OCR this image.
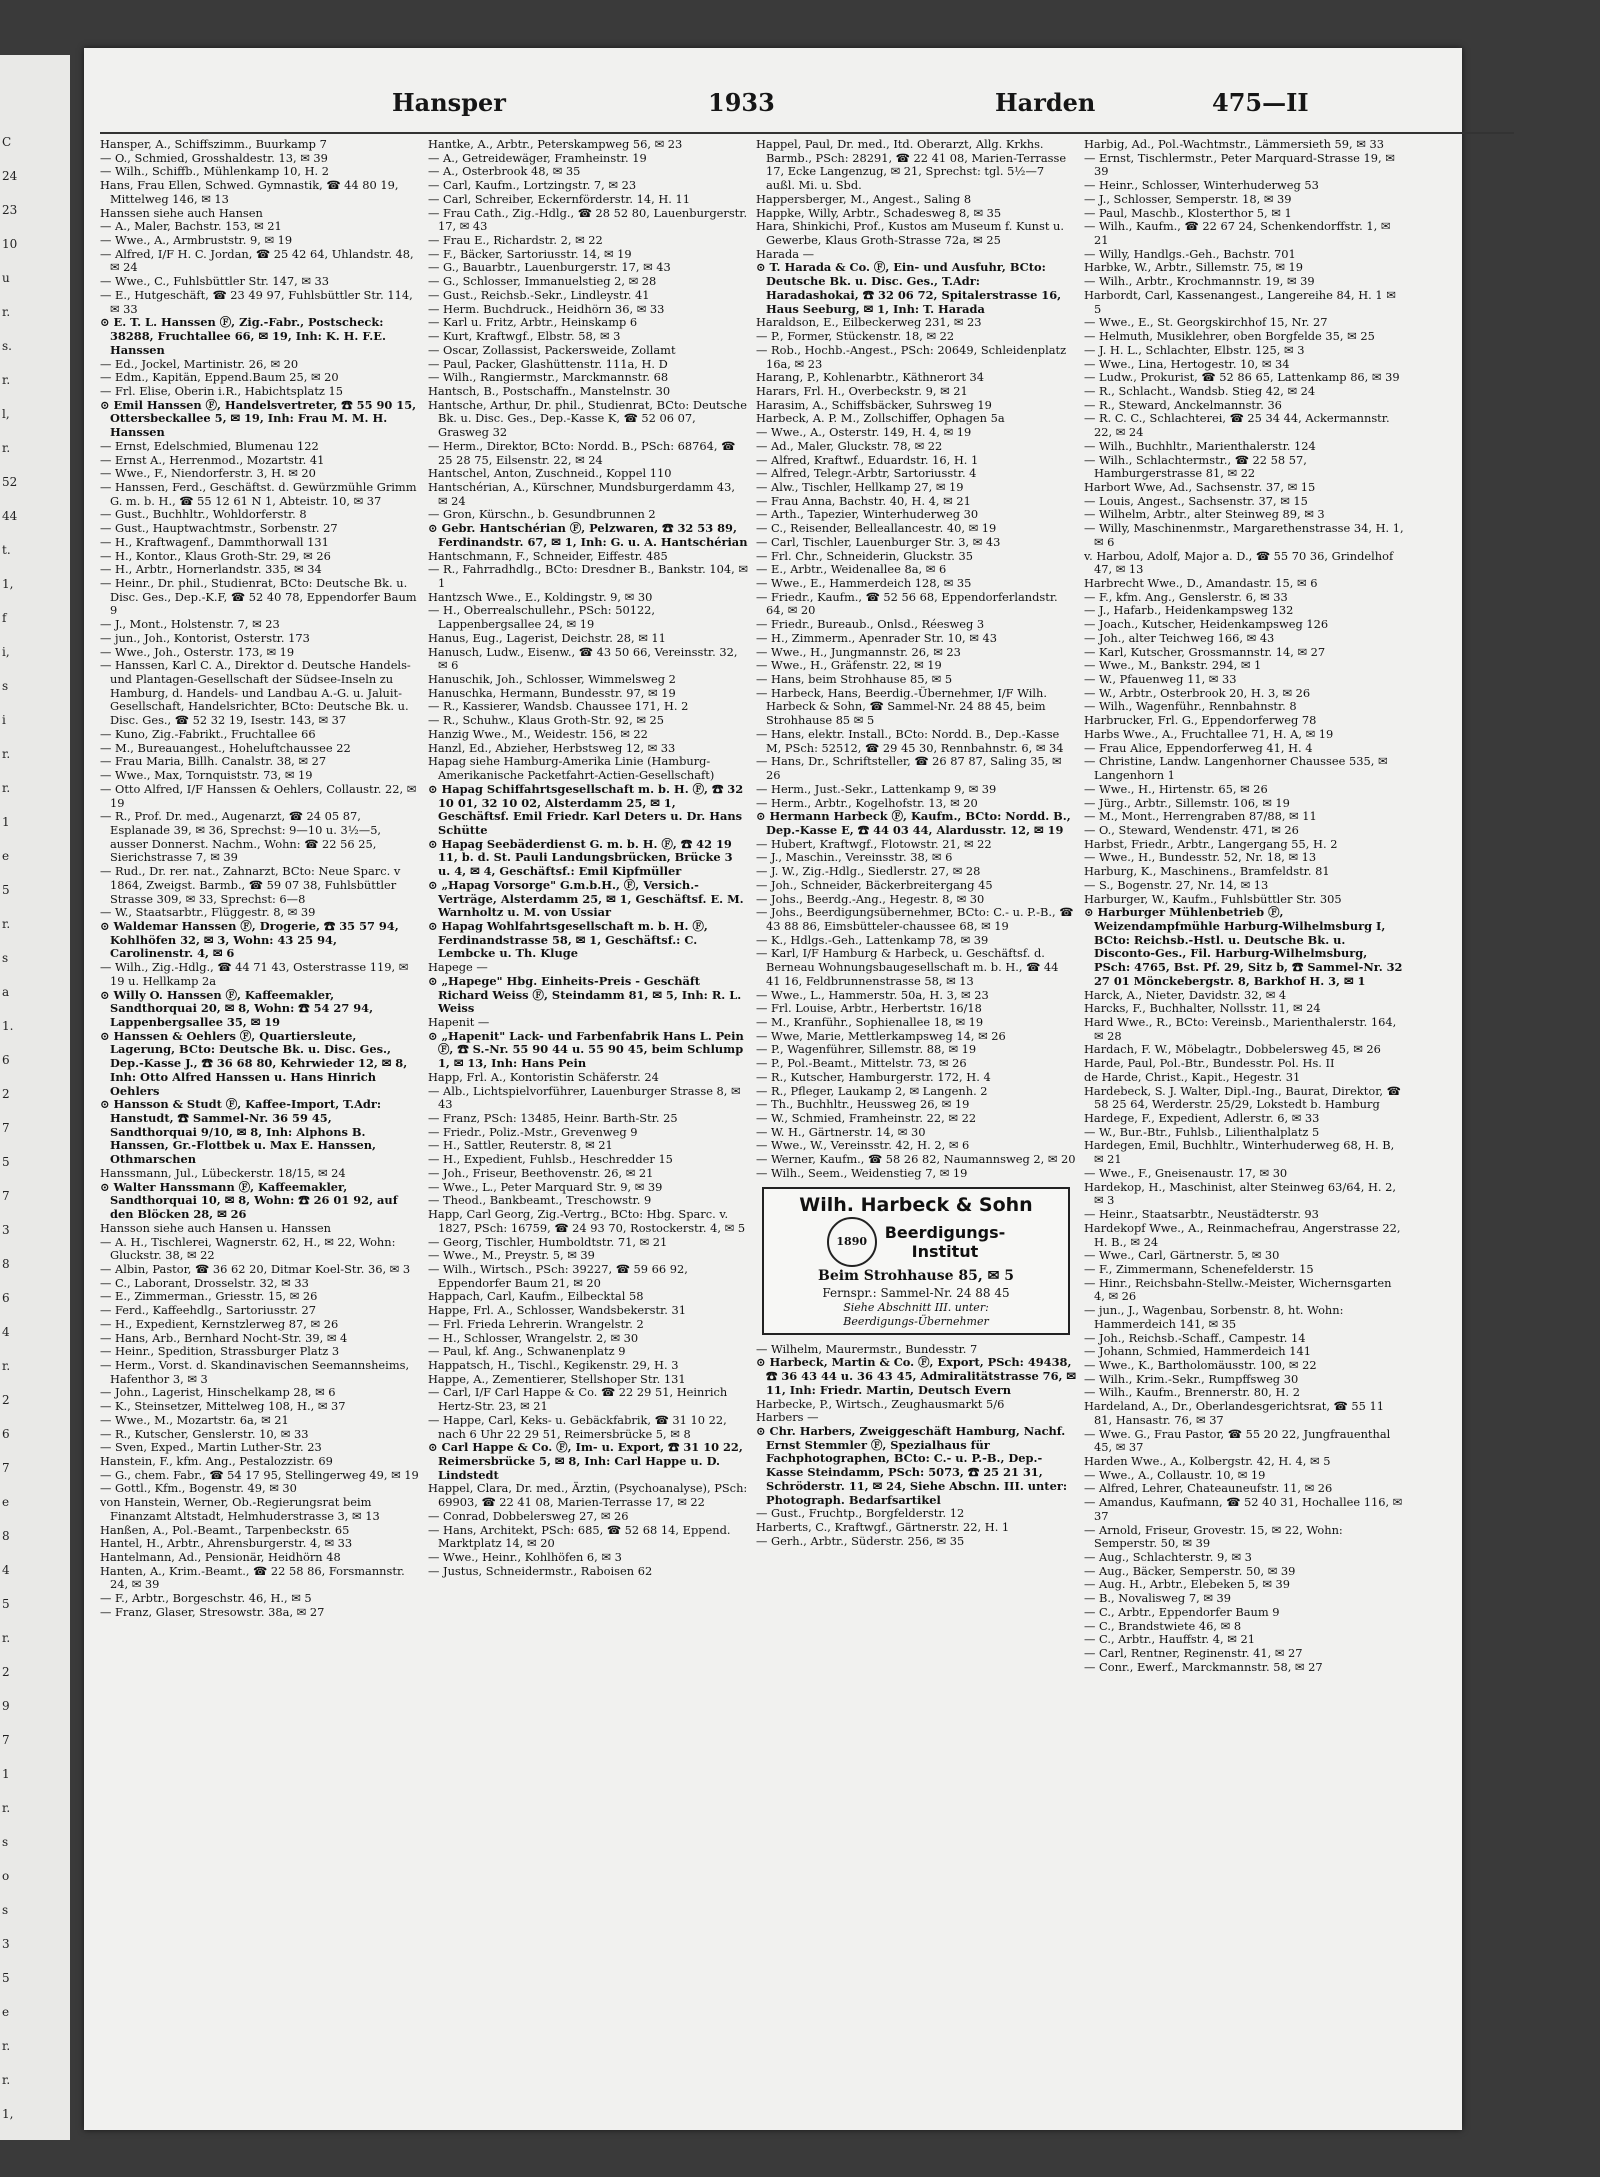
C
24
23
10
u
r.
s.
r.
l,
r.
52
44
t.
1,
f
i,
s
i
r.
r.
1
e
5
r.
s
a
1.
6
2
7
5
7
3
8
6
4
r.
2
6
7
e
8
4
5
r.
2
9
7
1
r.
s
o
s
3
5
e
r.
r.
1,
Hansper	1933	Harden	475—II

Hansper, A., Schiffszimm., Buurkamp 7

— O., Schmied, Grosshaldestr. 13, ✉ 39

— Wilh., Schiffb., Mühlenkamp 10, H. 2

Hans, Frau Ellen, Schwed. Gymnastik, ☎ 44 80 19, Mittelweg 146, ✉ 13

Hanssen siehe auch Hansen

— A., Maler, Bachstr. 153, ✉ 21

— Wwe., A., Armbruststr. 9, ✉ 19

— Alfred, I/F H. C. Jordan, ☎ 25 42 64, Uhlandstr. 48, ✉ 24

— Wwe., C., Fuhlsbüttler Str. 147, ✉ 33

— E., Hutgeschäft, ☎ 23 49 97, Fuhlsbüttler Str. 114, ✉ 33

⊙ E. T. L. Hanssen Ⓕ, Zig.-Fabr., Postscheck: 38288, Fruchtallee 66, ✉ 19, Inh: K. H. F.E. Hanssen

— Ed., Jockel, Martinistr. 26, ✉ 20

— Edm., Kapitän, Eppend.Baum 25, ✉ 20

— Frl. Elise, Oberin i.R., Habichtsplatz 15

⊙ Emil Hanssen Ⓕ, Handelsvertreter, ☎ 55 90 15, Ottersbeckallee 5, ✉ 19, Inh: Frau M. M. H. Hanssen

— Ernst, Edelschmied, Blumenau 122

— Ernst A., Herrenmod., Mozartstr. 41

— Wwe., F., Niendorferstr. 3, H. ✉ 20

— Hanssen, Ferd., Geschäftst. d. Gewürzmühle Grimm G. m. b. H., ☎ 55 12 61 N 1, Abteistr. 10, ✉ 37

— Gust., Buchhltr., Wohldorferstr. 8

— Gust., Hauptwachtmstr., Sorbenstr. 27

— H., Kraftwagenf., Dammthorwall 131

— H., Kontor., Klaus Groth-Str. 29, ✉ 26

— H., Arbtr., Hornerlandstr. 335, ✉ 34

— Heinr., Dr. phil., Studienrat, BCto: Deutsche Bk. u. Disc. Ges., Dep.-K.F, ☎ 52 40 78, Eppendorfer Baum 9

— J., Mont., Holstenstr. 7, ✉ 23

— jun., Joh., Kontorist, Osterstr. 173

— Wwe., Joh., Osterstr. 173, ✉ 19

— Hanssen, Karl C. A., Direktor d. Deutsche Handels- und Plantagen-Gesellschaft der Südsee-Inseln zu Hamburg, d. Handels- und Landbau A.-G. u. Jaluit-Gesellschaft, Handelsrichter, BCto: Deutsche Bk. u. Disc. Ges., ☎ 52 32 19, Isestr. 143, ✉ 37

— Kuno, Zig.-Fabrikt., Fruchtallee 66

— M., Bureauangest., Hoheluftchaussee 22

— Frau Maria, Billh. Canalstr. 38, ✉ 27

— Wwe., Max, Tornquiststr. 73, ✉ 19

— Otto Alfred, I/F Hanssen & Oehlers, Collaustr. 22, ✉ 19

— R., Prof. Dr. med., Augenarzt, ☎ 24 05 87, Esplanade 39, ✉ 36, Sprechst: 9—10 u. 3½—5, ausser Donnerst. Nachm., Wohn: ☎ 22 56 25, Sierichstrasse 7, ✉ 39

— Rud., Dr. rer. nat., Zahnarzt, BCto: Neue Sparc. v 1864, Zweigst. Barmb., ☎ 59 07 38, Fuhlsbüttler Strasse 309, ✉ 33, Sprechst: 6—8

— W., Staatsarbtr., Flüggestr. 8, ✉ 39

⊙ Waldemar Hanssen Ⓕ, Drogerie, ☎ 35 57 94, Kohlhöfen 32, ✉ 3, Wohn: 43 25 94, Carolinenstr. 4, ✉ 6

— Wilh., Zig.-Hdlg., ☎ 44 71 43, Osterstrasse 119, ✉ 19 u. Hellkamp 2a

⊙ Willy O. Hanssen Ⓕ, Kaffeemakler, Sandthorquai 20, ✉ 8, Wohn: ☎ 54 27 94, Lappenbergsallee 35, ✉ 19

⊙ Hanssen & Oehlers Ⓕ, Quartiersleute, Lagerung, BCto: Deutsche Bk. u. Disc. Ges., Dep.-Kasse J., ☎ 36 68 80, Kehrwieder 12, ✉ 8, Inh: Otto Alfred Hanssen u. Hans Hinrich Oehlers

⊙ Hansson & Studt Ⓕ, Kaffee-Import, T.Adr: Hanstudt, ☎ Sammel-Nr. 36 59 45, Sandthorquai 9/10, ✉ 8, Inh: Alphons B. Hanssen, Gr.-Flottbek u. Max E. Hanssen, Othmarschen

Hanssmann, Jul., Lübeckerstr. 18/15, ✉ 24

⊙ Walter Hanssmann Ⓕ, Kaffeemakler, Sandthorquai 10, ✉ 8, Wohn: ☎ 26 01 92, auf den Blöcken 28, ✉ 26

Hansson siehe auch Hansen u. Hanssen

— A. H., Tischlerei, Wagnerstr. 62, H., ✉ 22, Wohn: Gluckstr. 38, ✉ 22

— Albin, Pastor, ☎ 36 62 20, Ditmar Koel-Str. 36, ✉ 3

— C., Laborant, Drosselstr. 32, ✉ 33

— E., Zimmerman., Griesstr. 15, ✉ 26

— Ferd., Kaffeehdlg., Sartoriusstr. 27

— H., Expedient, Kernstzlerweg 87, ✉ 26

— Hans, Arb., Bernhard Nocht-Str. 39, ✉ 4

— Heinr., Spedition, Strassburger Platz 3

— Herm., Vorst. d. Skandinavischen Seemannsheims, Hafenthor 3, ✉ 3

— John., Lagerist, Hinschelkamp 28, ✉ 6

— K., Steinsetzer, Mittelweg 108, H., ✉ 37

— Wwe., M., Mozartstr. 6a, ✉ 21

— R., Kutscher, Genslerstr. 10, ✉ 33

— Sven, Exped., Martin Luther-Str. 23

Hanstein, F., kfm. Ang., Pestalozzistr. 69

— G., chem. Fabr., ☎ 54 17 95, Stellingerweg 49, ✉ 19

— Gottl., Kfm., Bogenstr. 49, ✉ 30

von Hanstein, Werner, Ob.-Regierungsrat beim Finanzamt Altstadt, Helmhuderstrasse 3, ✉ 13

Hanßen, A., Pol.-Beamt., Tarpenbeckstr. 65

Hantel, H., Arbtr., Ahrensburgerstr. 4, ✉ 33

Hantelmann, Ad., Pensionär, Heidhörn 48

Hanten, A., Krim.-Beamt., ☎ 22 58 86, Forsmannstr. 24, ✉ 39

— F., Arbtr., Borgeschstr. 46, H., ✉ 5

— Franz, Glaser, Stresowstr. 38a, ✉ 27

Hantke, A., Arbtr., Peterskampweg 56, ✉ 23

— A., Getreidewäger, Framheinstr. 19

— A., Osterbrook 48, ✉ 35

— Carl, Kaufm., Lortzingstr. 7, ✉ 23

— Carl, Schreiber, Eckernförderstr. 14, H. 11

— Frau Cath., Zig.-Hdlg., ☎ 28 52 80, Lauenburgerstr. 17, ✉ 43

— Frau E., Richardstr. 2, ✉ 22

— F., Bäcker, Sartoriusstr. 14, ✉ 19

— G., Bauarbtr., Lauenburgerstr. 17, ✉ 43

— G., Schlosser, Immanuelstieg 2, ✉ 28

— Gust., Reichsb.-Sekr., Lindleystr. 41

— Herm. Buchdruck., Heidhörn 36, ✉ 33

— Karl u. Fritz, Arbtr., Heinskamp 6

— Kurt, Kraftwgf., Elbstr. 58, ✉ 3

— Oscar, Zollassist, Packersweide, Zollamt

— Paul, Packer, Glashüttenstr. 111a, H. D

— Wilh., Rangiermstr., Marckmannstr. 68

Hantsch, B., Postschaffn., Manstelnstr. 30

Hantsche, Arthur, Dr. phil., Studienrat, BCto: Deutsche Bk. u. Disc. Ges., Dep.-Kasse K, ☎ 52 06 07, Grasweg 32

— Herm., Direktor, BCto: Nordd. B., PSch: 68764, ☎ 25 28 75, Eilsenstr. 22, ✉ 24

Hantschel, Anton, Zuschneid., Koppel 110

Hantschérian, A., Kürschner, Mundsburgerdamm 43, ✉ 24

— Gron, Kürschn., b. Gesundbrunnen 2

⊙ Gebr. Hantschérian Ⓕ, Pelzwaren, ☎ 32 53 89, Ferdinandstr. 67, ✉ 1, Inh: G. u. A. Hantschérian

Hantschmann, F., Schneider, Eiffestr. 485

— R., Fahrradhdlg., BCto: Dresdner B., Bankstr. 104, ✉ 1

Hantzsch Wwe., E., Koldingstr. 9, ✉ 30

— H., Oberrealschullehr., PSch: 50122, Lappenbergsallee 24, ✉ 19

Hanus, Eug., Lagerist, Deichstr. 28, ✉ 11

Hanusch, Ludw., Eisenw., ☎ 43 50 66, Vereinsstr. 32, ✉ 6

Hanuschik, Joh., Schlosser, Wimmelsweg 2

Hanuschka, Hermann, Bundesstr. 97, ✉ 19

— R., Kassierer, Wandsb. Chaussee 171, H. 2

— R., Schuhw., Klaus Groth-Str. 92, ✉ 25

Hanzig Wwe., M., Weidestr. 156, ✉ 22

Hanzl, Ed., Abzieher, Herbstsweg 12, ✉ 33

Hapag siehe Hamburg-Amerika Linie (Hamburg-Amerikanische Packetfahrt-Actien-Gesellschaft)

⊙ Hapag Schiffahrtsgesellschaft m. b. H. Ⓕ, ☎ 32 10 01, 32 10 02, Alsterdamm 25, ✉ 1, Geschäftsf. Emil Friedr. Karl Deters u. Dr. Hans Schütte

⊙ Hapag Seebäderdienst G. m. b. H. Ⓕ, ☎ 42 19 11, b. d. St. Pauli Landungsbrücken, Brücke 3 u. 4, ✉ 4, Geschäftsf.: Emil Kipfmüller

⊙ „Hapag Vorsorge" G.m.b.H., Ⓕ, Versich.-Verträge, Alsterdamm 25, ✉ 1, Geschäftsf. E. M. Warnholtz u. M. von Ussiar

⊙ Hapag Wohlfahrtsgesellschaft m. b. H. Ⓕ, Ferdinandstrasse 58, ✉ 1, Geschäftsf.: C. Lembcke u. Th. Kluge

Hapege —

⊙ „Hapege" Hbg. Einheits-Preis - Geschäft Richard Weiss Ⓕ, Steindamm 81, ✉ 5, Inh: R. L. Weiss

Hapenit —

⊙ „Hapenit" Lack- und Farbenfabrik Hans L. Pein Ⓕ, ☎ S.-Nr. 55 90 44 u. 55 90 45, beim Schlump 1, ✉ 13, Inh: Hans Pein

Happ, Frl. A., Kontoristin Schäferstr. 24

— Alb., Lichtspielvorführer, Lauenburger Strasse 8, ✉ 43

— Franz, PSch: 13485, Heinr. Barth-Str. 25

— Friedr., Poliz.-Mstr., Grevenweg 9

— H., Sattler, Reuterstr. 8, ✉ 21

— H., Expedient, Fuhlsb., Heschredder 15

— Joh., Friseur, Beethovenstr. 26, ✉ 21

— Wwe., L., Peter Marquard Str. 9, ✉ 39

— Theod., Bankbeamt., Treschowstr. 9

Happ, Carl Georg, Zig.-Vertrg., BCto: Hbg. Sparc. v. 1827, PSch: 16759, ☎ 24 93 70, Rostockerstr. 4, ✉ 5

— Georg, Tischler, Humboldtstr. 71, ✉ 21

— Wwe., M., Preystr. 5, ✉ 39

— Wilh., Wirtsch., PSch: 39227, ☎ 59 66 92, Eppendorfer Baum 21, ✉ 20

Happach, Carl, Kaufm., Eilbecktal 58

Happe, Frl. A., Schlosser, Wandsbekerstr. 31

— Frl. Frieda Lehrerin. Wrangelstr. 2

— H., Schlosser, Wrangelstr. 2, ✉ 30

— Paul, kf. Ang., Schwanenplatz 9

Happatsch, H., Tischl., Kegikenstr. 29, H. 3

Happe, A., Zementierer, Stellshoper Str. 131

— Carl, I/F Carl Happe & Co. ☎ 22 29 51, Heinrich Hertz-Str. 23, ✉ 21

— Happe, Carl, Keks- u. Gebäckfabrik, ☎ 31 10 22, nach 6 Uhr 22 29 51, Reimersbrücke 5, ✉ 8

⊙ Carl Happe & Co. Ⓕ, Im- u. Export, ☎ 31 10 22, Reimersbrücke 5, ✉ 8, Inh: Carl Happe u. D. Lindstedt

Happel, Clara, Dr. med., Ärztin, (Psychoanalyse), PSch: 69903, ☎ 22 41 08, Marien-Terrasse 17, ✉ 22

— Conrad, Dobbelersweg 27, ✉ 26

— Hans, Architekt, PSch: 685, ☎ 52 68 14, Eppend. Marktplatz 14, ✉ 20

— Wwe., Heinr., Kohlhöfen 6, ✉ 3

— Justus, Schneidermstr., Raboisen 62

Happel, Paul, Dr. med., Itd. Oberarzt, Allg. Krkhs. Barmb., PSch: 28291, ☎ 22 41 08, Marien-Terrasse 17, Ecke Langenzug, ✉ 21, Sprechst: tgl. 5½—7 außl. Mi. u. Sbd.

Happersberger, M., Angest., Saling 8

Happke, Willy, Arbtr., Schadesweg 8, ✉ 35

Hara, Shinkichi, Prof., Kustos am Museum f. Kunst u. Gewerbe, Klaus Groth-Strasse 72a, ✉ 25

Harada —

⊙ T. Harada & Co. Ⓕ, Ein- und Ausfuhr, BCto: Deutsche Bk. u. Disc. Ges., T.Adr: Haradashokai, ☎ 32 06 72, Spitalerstrasse 16, Haus Seeburg, ✉ 1, Inh: T. Harada

Haraldson, E., Eilbeckerweg 231, ✉ 23

— P., Former, Stückenstr. 18, ✉ 22

— Rob., Hochb.-Angest., PSch: 20649, Schleidenplatz 16a, ✉ 23

Harang, P., Kohlenarbtr., Käthnerort 34

Harars, Frl. H., Overbeckstr. 9, ✉ 21

Harasim, A., Schiffsbäcker, Suhrsweg 19

Harbeck, A. P. M., Zollschiffer, Ophagen 5a

— Wwe., A., Osterstr. 149, H. 4, ✉ 19

— Ad., Maler, Gluckstr. 78, ✉ 22

— Alfred, Kraftwf., Eduardstr. 16, H. 1

— Alfred, Telegr.-Arbtr, Sartoriusstr. 4

— Alw., Tischler, Hellkamp 27, ✉ 19

— Frau Anna, Bachstr. 40, H. 4, ✉ 21

— Arth., Tapezier, Winterhuderweg 30

— C., Reisender, Belleallancestr. 40, ✉ 19

— Carl, Tischler, Lauenburger Str. 3, ✉ 43

— Frl. Chr., Schneiderin, Gluckstr. 35

— E., Arbtr., Weidenallee 8a, ✉ 6

— Wwe., E., Hammerdeich 128, ✉ 35

— Friedr., Kaufm., ☎ 52 56 68, Eppendorferlandstr. 64, ✉ 20

— Friedr., Bureaub., Onlsd., Réesweg 3

— H., Zimmerm., Apenrader Str. 10, ✉ 43

— Wwe., H., Jungmannstr. 26, ✉ 23

— Wwe., H., Gräfenstr. 22, ✉ 19

— Hans, beim Strohhause 85, ✉ 5

— Harbeck, Hans, Beerdig.-Übernehmer, I/F Wilh. Harbeck & Sohn, ☎ Sammel-Nr. 24 88 45, beim Strohhause 85 ✉ 5

— Hans, elektr. Install., BCto: Nordd. B., Dep.-Kasse M, PSch: 52512, ☎ 29 45 30, Rennbahnstr. 6, ✉ 34

— Hans, Dr., Schriftsteller, ☎ 26 87 87, Saling 35, ✉ 26

— Herm., Just.-Sekr., Lattenkamp 9, ✉ 39

— Herm., Arbtr., Kogelhofstr. 13, ✉ 20

⊙ Hermann Harbeck Ⓕ, Kaufm., BCto: Nordd. B., Dep.-Kasse E, ☎ 44 03 44, Alardusstr. 12, ✉ 19

— Hubert, Kraftwgf., Flotowstr. 21, ✉ 22

— J., Maschin., Vereinsstr. 38, ✉ 6

— J. W., Zig.-Hdlg., Siedlerstr. 27, ✉ 28

— Joh., Schneider, Bäckerbreitergang 45

— Johs., Beerdg.-Ang., Hegestr. 8, ✉ 30

— Johs., Beerdigungsübernehmer, BCto: C.- u. P.-B., ☎ 43 88 86, Eimsbütteler-chaussee 68, ✉ 19

— K., Hdlgs.-Geh., Lattenkamp 78, ✉ 39

— Karl, I/F Hamburg & Harbeck, u. Geschäftsf. d. Berneau Wohnungsbaugesellschaft m. b. H., ☎ 44 41 16, Feldbrunnenstrasse 58, ✉ 13

— Wwe., L., Hammerstr. 50a, H. 3, ✉ 23

— Frl. Louise, Arbtr., Herbertstr. 16/18

— M., Kranführ., Sophienallee 18, ✉ 19

— Wwe, Marie, Mettlerkampsweg 14, ✉ 26

— P., Wagenführer, Sillemstr. 88, ✉ 19

— P., Pol.-Beamt., Mittelstr. 73, ✉ 26

— R., Kutscher, Hamburgerstr. 172, H. 4

— R., Pfleger, Laukamp 2, ✉ Langenh. 2

— Th., Buchhltr., Heussweg 26, ✉ 19

— W., Schmied, Framheinstr. 22, ✉ 22

— W. H., Gärtnerstr. 14, ✉ 30

— Wwe., W., Vereinsstr. 42, H. 2, ✉ 6

— Werner, Kaufm., ☎ 58 26 82, Naumannsweg 2, ✉ 20

— Wilh., Seem., Weidenstieg 7, ✉ 19

Wilh. Harbeck & Sohn
1890	Beerdigungs-
Institut
Beim Strohhause 85, ✉ 5
Fernspr.: Sammel-Nr. 24 88 45
Siehe Abschnitt III. unter:
Beerdigungs-Übernehmer

— Wilhelm, Maurermstr., Bundesstr. 7

⊙ Harbeck, Martin & Co. Ⓕ, Export, PSch: 49438, ☎ 36 43 44 u. 36 43 45, Admiralitätstrasse 76, ✉ 11, Inh: Friedr. Martin, Deutsch Evern

Harbecke, P., Wirtsch., Zeughausmarkt 5/6

Harbers —

⊙ Chr. Harbers, Zweiggeschäft Hamburg, Nachf. Ernst Stemmler Ⓕ, Spezialhaus für Fachphotographen, BCto: C.- u. P.-B., Dep.-Kasse Steindamm, PSch: 5073, ☎ 25 21 31, Schröderstr. 11, ✉ 24, Siehe Abschn. III. unter: Photograph. Bedarfsartikel

— Gust., Fruchtp., Borgfelderstr. 12

Harberts, C., Kraftwgf., Gärtnerstr. 22, H. 1

— Gerh., Arbtr., Süderstr. 256, ✉ 35

Harbig, Ad., Pol.-Wachtmstr., Lämmersieth 59, ✉ 33

— Ernst, Tischlermstr., Peter Marquard-Strasse 19, ✉ 39

— Heinr., Schlosser, Winterhuderweg 53

— J., Schlosser, Semperstr. 18, ✉ 39

— Paul, Maschb., Klosterthor 5, ✉ 1

— Wilh., Kaufm., ☎ 22 67 24, Schenkendorffstr. 1, ✉ 21

— Willy, Handlgs.-Geh., Bachstr. 701

Harbke, W., Arbtr., Sillemstr. 75, ✉ 19

— Wilh., Arbtr., Krochmannstr. 19, ✉ 39

Harbordt, Carl, Kassenangest., Langereihe 84, H. 1 ✉ 5

— Wwe., E., St. Georgskirchhof 15, Nr. 27

— Helmuth, Musiklehrer, oben Borgfelde 35, ✉ 25

— J. H. L., Schlachter, Elbstr. 125, ✉ 3

— Wwe., Lina, Hertogestr. 10, ✉ 34

— Ludw., Prokurist, ☎ 52 86 65, Lattenkamp 86, ✉ 39

— R., Schlacht., Wandsb. Stieg 42, ✉ 24

— R., Steward, Anckelmannstr. 36

— R. C. C., Schlachterei, ☎ 25 34 44, Ackermannstr. 22, ✉ 24

— Wilh., Buchhltr., Marienthalerstr. 124

— Wilh., Schlachtermstr., ☎ 22 58 57, Hamburgerstrasse 81, ✉ 22

Harbort Wwe, Ad., Sachsenstr. 37, ✉ 15

— Louis, Angest., Sachsenstr. 37, ✉ 15

— Wilhelm, Arbtr., alter Steinweg 89, ✉ 3

— Willy, Maschinenmstr., Margarethenstrasse 34, H. 1, ✉ 6

v. Harbou, Adolf, Major a. D., ☎ 55 70 36, Grindelhof 47, ✉ 13

Harbrecht Wwe., D., Amandastr. 15, ✉ 6

— F., kfm. Ang., Genslerstr. 6, ✉ 33

— J., Hafarb., Heidenkampsweg 132

— Joach., Kutscher, Heidenkampsweg 126

— Joh., alter Teichweg 166, ✉ 43

— Karl, Kutscher, Grossmannstr. 14, ✉ 27

— Wwe., M., Bankstr. 294, ✉ 1

— W., Pfauenweg 11, ✉ 33

— W., Arbtr., Osterbrook 20, H. 3, ✉ 26

— Wilh., Wagenführ., Rennbahnstr. 8

Harbrucker, Frl. G., Eppendorferweg 78

Harbs Wwe., A., Fruchtallee 71, H. A, ✉ 19

— Frau Alice, Eppendorferweg 41, H. 4

— Christine, Landw. Langenhorner Chaussee 535, ✉ Langenhorn 1

— Wwe., H., Hirtenstr. 65, ✉ 26

— Jürg., Arbtr., Sillemstr. 106, ✉ 19

— M., Mont., Herrengraben 87/88, ✉ 11

— O., Steward, Wendenstr. 471, ✉ 26

Harbst, Friedr., Arbtr., Langergang 55, H. 2

— Wwe., H., Bundesstr. 52, Nr. 18, ✉ 13

Harburg, K., Maschinens., Bramfeldstr. 81

— S., Bogenstr. 27, Nr. 14, ✉ 13

Harburger, W., Kaufm., Fuhlsbüttler Str. 305

⊙ Harburger Mühlenbetrieb Ⓕ, Weizendampfmühle Harburg-Wilhelmsburg I, BCto: Reichsb.-Hstl. u. Deutsche Bk. u. Disconto-Ges., Fil. Harburg-Wilhelmsburg, PSch: 4765, Bst. Pf. 29, Sitz b, ☎ Sammel-Nr. 32 27 01 Mönckebergstr. 8, Barkhof H. 3, ✉ 1

Harck, A., Nieter, Davidstr. 32, ✉ 4

Harcks, F., Buchhalter, Nollsstr. 11, ✉ 24

Hard Wwe., R., BCto: Vereinsb., Marienthalerstr. 164, ✉ 28

Hardach, F. W., Möbelagtr., Dobbelersweg 45, ✉ 26

Harde, Paul, Pol.-Btr., Bundesstr. Pol. Hs. II

de Harde, Christ., Kapit., Hegestr. 31

Hardebeck, S. J. Walter, Dipl.-Ing., Baurat, Direktor, ☎ 58 25 64, Werderstr. 25/29, Lokstedt b. Hamburg

Hardege, F., Expedient, Adlerstr. 6, ✉ 33

— W., Bur.-Btr., Fuhlsb., Lilienthalplatz 5

Hardegen, Emil, Buchhltr., Winterhuderweg 68, H. B, ✉ 21

— Wwe., F., Gneisenaustr. 17, ✉ 30

Hardekop, H., Maschinist, alter Steinweg 63/64, H. 2, ✉ 3

— Heinr., Staatsarbtr., Neustädterstr. 93

Hardekopf Wwe., A., Reinmachefrau, Angerstrasse 22, H. B., ✉ 24

— Wwe., Carl, Gärtnerstr. 5, ✉ 30

— F., Zimmermann, Schenefelderstr. 15

— Hinr., Reichsbahn-Stellw.-Meister, Wichernsgarten 4, ✉ 26

— jun., J., Wagenbau, Sorbenstr. 8, ht. Wohn: Hammerdeich 141, ✉ 35

— Joh., Reichsb.-Schaff., Campestr. 14

— Johann, Schmied, Hammerdeich 141

— Wwe., K., Bartholomäusstr. 100, ✉ 22

— Wilh., Krim.-Sekr., Rumpffsweg 30

— Wilh., Kaufm., Brennerstr. 80, H. 2

Hardeland, A., Dr., Oberlandesgerichtsrat, ☎ 55 11 81, Hansastr. 76, ✉ 37

— Wwe. G., Frau Pastor, ☎ 55 20 22, Jungfrauenthal 45, ✉ 37

Harden Wwe., A., Kolbergstr. 42, H. 4, ✉ 5

— Wwe., A., Collaustr. 10, ✉ 19

— Alfred, Lehrer, Chateauneufstr. 11, ✉ 26

— Amandus, Kaufmann, ☎ 52 40 31, Hochallee 116, ✉ 37

— Arnold, Friseur, Grovestr. 15, ✉ 22, Wohn: Semperstr. 50, ✉ 39

— Aug., Schlachterstr. 9, ✉ 3

— Aug., Bäcker, Semperstr. 50, ✉ 39

— Aug. H., Arbtr., Elebeken 5, ✉ 39

— B., Novalisweg 7, ✉ 39

— C., Arbtr., Eppendorfer Baum 9

— C., Brandstwiete 46, ✉ 8

— C., Arbtr., Hauffstr. 4, ✉ 21

— Carl, Rentner, Reginenstr. 41, ✉ 27

— Conr., Ewerf., Marckmannstr. 58, ✉ 27
